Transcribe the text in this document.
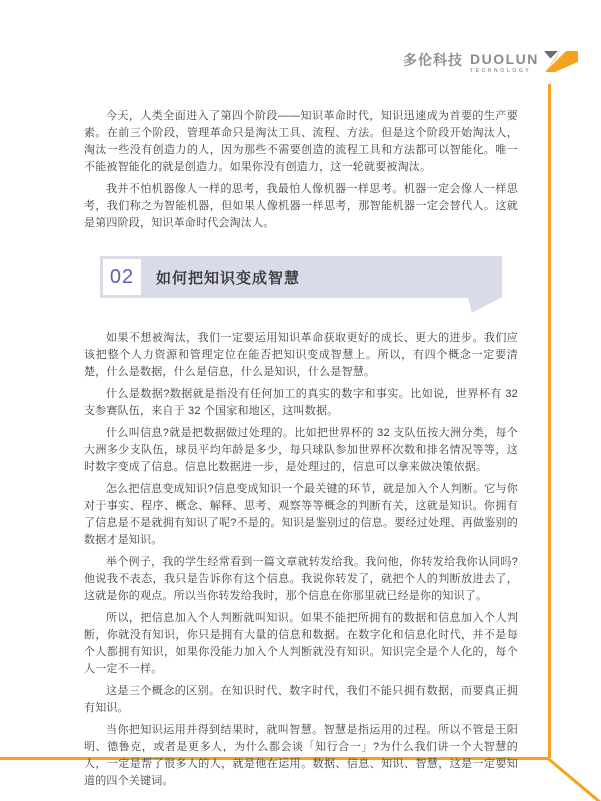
多伦科技 DUOLUN
TECHNOLOGY

今天，人类全面进入了第四个阶段——知识革命时代，知识迅速成为首要的生产要素。在前三个阶段，管理革命只是淘汰工具、流程、方法。但是这个阶段开始淘汰人，淘汰一些没有创造力的人，因为那些不需要创造的流程工具和方法都可以智能化。唯一不能被智能化的就是创造力。如果你没有创造力，这一轮就要被淘汰。

我并不怕机器像人一样的思考，我最怕人像机器一样思考。机器一定会像人一样思考，我们称之为智能机器，但如果人像机器一样思考，那智能机器一定会替代人。这就是第四阶段，知识革命时代会淘汰人。

02 如何把知识变成智慧

如果不想被淘汰，我们一定要运用知识革命获取更好的成长、更大的进步。我们应该把整个人力资源和管理定位在能否把知识变成智慧上。所以，有四个概念一定要清楚，什么是数据，什么是信息，什么是知识，什么是智慧。

什么是数据?数据就是指没有任何加工的真实的数字和事实。比如说，世界杯有 32 支参赛队伍，来自于 32 个国家和地区，这叫数据。

什么叫信息?就是把数据做过处理的。比如把世界杯的 32 支队伍按大洲分类，每个大洲多少支队伍，球员平均年龄是多少，每只球队参加世界杯次数和排名情况等等，这时数字变成了信息。信息比数据进一步，是处理过的，信息可以拿来做决策依据。

怎么把信息变成知识?信息变成知识一个最关键的环节，就是加入个人判断。它与你对于事实、程序、概念、解释、思考、观察等等概念的判断有关，这就是知识。你拥有了信息是不是就拥有知识了呢?不是的。知识是鉴别过的信息。要经过处理、再做鉴别的数据才是知识。

举个例子，我的学生经常看到一篇文章就转发给我。我问他，你转发给我你认同吗?他说我不表态，我只是告诉你有这个信息。我说你转发了，就把个人的判断放进去了，这就是你的观点。所以当你转发给我时，那个信息在你那里就已经是你的知识了。

所以，把信息加入个人判断就叫知识。如果不能把所拥有的数据和信息加入个人判断，你就没有知识，你只是拥有大量的信息和数据。在数字化和信息化时代，并不是每个人都拥有知识，如果你没能力加入个人判断就没有知识。知识完全是个人化的，每个人一定不一样。

这是三个概念的区别。在知识时代、数字时代，我们不能只拥有数据，而要真正拥有知识。

当你把知识运用并得到结果时，就叫智慧。智慧是指运用的过程。所以不管是王阳明、德鲁克，或者是更多人，为什么都会谈「知行合一」?为什么我们讲一个大智慧的人，一定是帮了很多人的人，就是他在运用。数据、信息、知识、智慧，这是一定要知道的四个关键词。
